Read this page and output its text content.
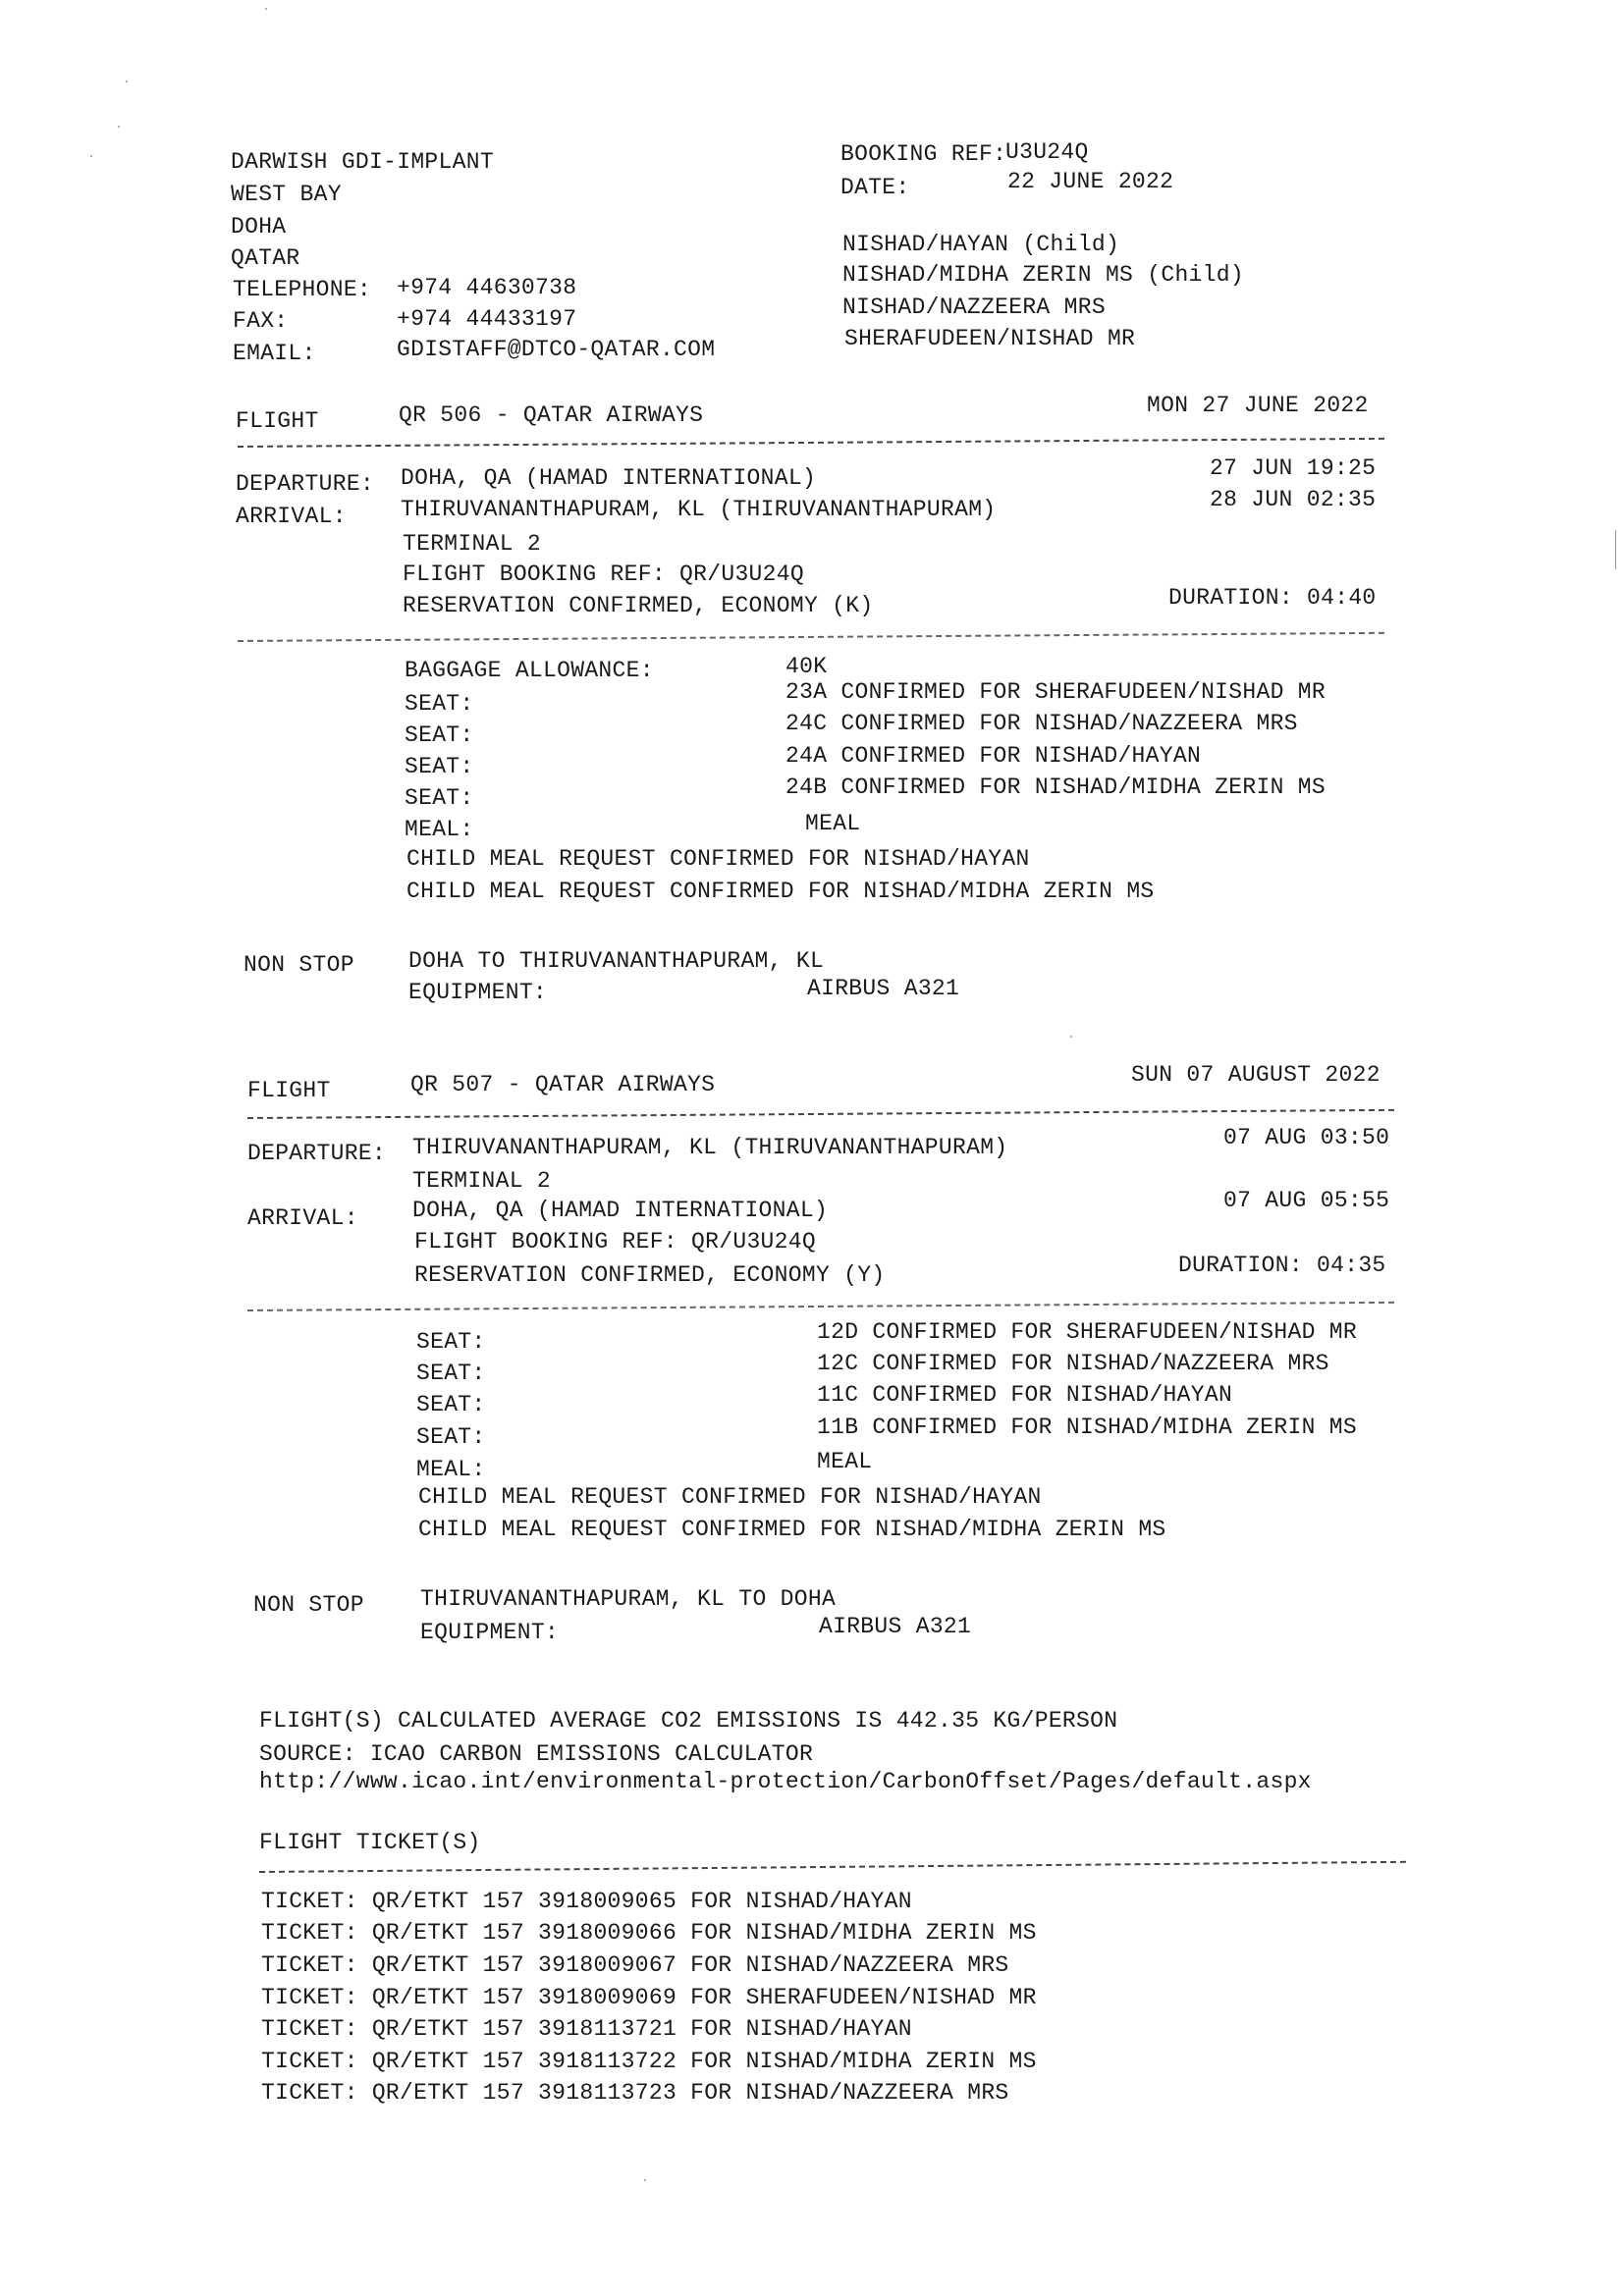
DARWISH GDI-IMPLANT
WEST BAY
DOHA
QATAR
TELEPHONE: +974 44630738
FAX:	+974 44433197
EMAIL:	GDISTAFF@DTCO-QATAR.COM
BOOKING REF:
U3U24Q
DATE:	22 JUNE 2022
NISHAD/HAYAN (Child)
NISHAD/MIDHA ZERIN MS (Child)
NISHAD/NAZZEERA MRS
SHERAFUDEEN/NISHAD MR
FLIGHT	QR 506 - QATAR AIRWAYS	MON 27 JUNE 2022
DEPARTURE: DOHA, QA (HAMAD INTERNATIONAL)	27 JUN 19:25
ARRIVAL: THIRUVANANTHAPURAM, KL (THIRUVANANTHAPURAM)	28 JUN 02:35
TERMINAL 2
FLIGHT BOOKING REF: QR/U3U24Q
RESERVATION CONFIRMED, ECONOMY (K)	DURATION: 04:40
BAGGAGE ALLOWANCE:	40K
SEAT:	23A CONFIRMED FOR SHERAFUDEEN/NISHAD MR
SEAT:	24C CONFIRMED FOR NISHAD/NAZZEERA MRS
SEAT:	24A CONFIRMED FOR NISHAD/HAYAN
SEAT:	24B CONFIRMED FOR NISHAD/MIDHA ZERIN MS
MEAL:	MEAL
CHILD MEAL REQUEST CONFIRMED FOR NISHAD/HAYAN
CHILD MEAL REQUEST CONFIRMED FOR NISHAD/MIDHA ZERIN MS
NON STOP DOHA TO THIRUVANANTHAPURAM, KL
EQUIPMENT:	AIRBUS A321
FLIGHT	QR 507 - QATAR AIRWAYS	SUN 07 AUGUST 2022
DEPARTURE: THIRUVANANTHAPURAM, KL (THIRUVANANTHAPURAM)	07 AUG 03:50
TERMINAL 2
ARRIVAL: DOHA, QA (HAMAD INTERNATIONAL)	07 AUG 05:55
FLIGHT BOOKING REF: QR/U3U24Q
RESERVATION CONFIRMED, ECONOMY (Y)	DURATION: 04:35
SEAT:	12D CONFIRMED FOR SHERAFUDEEN/NISHAD MR
SEAT:	12C CONFIRMED FOR NISHAD/NAZZEERA MRS
SEAT:	11C CONFIRMED FOR NISHAD/HAYAN
SEAT:	11B CONFIRMED FOR NISHAD/MIDHA ZERIN MS
MEAL:	MEAL
CHILD MEAL REQUEST CONFIRMED FOR NISHAD/HAYAN
CHILD MEAL REQUEST CONFIRMED FOR NISHAD/MIDHA ZERIN MS
NON STOP THIRUVANANTHAPURAM, KL TO DOHA
EQUIPMENT:	AIRBUS A321
FLIGHT(S) CALCULATED AVERAGE CO2 EMISSIONS IS 442.35 KG/PERSON
SOURCE: ICAO CARBON EMISSIONS CALCULATOR
http://www.icao.int/environmental-protection/CarbonOffset/Pages/default.aspx
FLIGHT TICKET(S)
TICKET: QR/ETKT 157 3918009065 FOR NISHAD/HAYAN
TICKET: QR/ETKT 157 3918009066 FOR NISHAD/MIDHA ZERIN MS
TICKET: QR/ETKT 157 3918009067 FOR NISHAD/NAZZEERA MRS
TICKET: QR/ETKT 157 3918009069 FOR SHERAFUDEEN/NISHAD MR
TICKET: QR/ETKT 157 3918113721 FOR NISHAD/HAYAN
TICKET: QR/ETKT 157 3918113722 FOR NISHAD/MIDHA ZERIN MS
TICKET: QR/ETKT 157 3918113723 FOR NISHAD/NAZZEERA MRS
